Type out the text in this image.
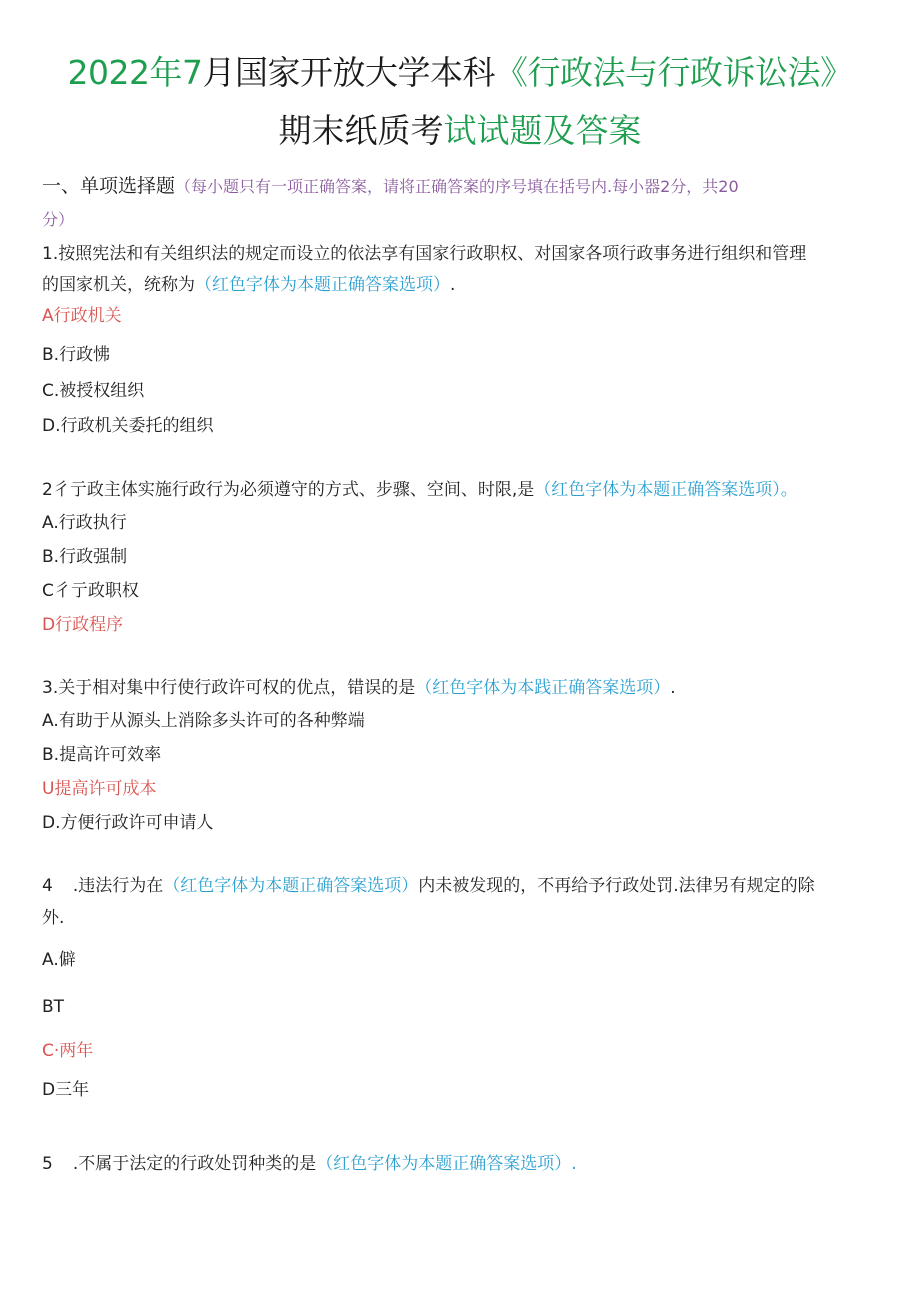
2022年7月国家开放大学本科《行政法与行政诉讼法》
期末纸质考试试题及答案
一、单项选择题（每小题只有一项正确答案，请将正确答案的序号填在括号内.每小器2分，共20
分）
1.按照宪法和有关组织法的规定而设立的依法享有国家行政职权、对国家各项行政事务进行组织和管理
的国家机关，统称为（红色字体为本题正确答案选项）.
A行政机关
B.行政怫
C.被授权组织
D.行政机关委托的组织
2彳亍政主体实施行政行为必须遵守的方式、步骤、空间、时限,是（红色字体为本题正确答案选项）。
A.行政执行
B.行政强制
C彳亍政职权
D行政程序
3.关于相对集中行使行政许可权的优点，错误的是（红色字体为本践正确答案选项）.
A.有助于从源头上消除多头许可的各种弊端
B.提高许可效率
U提高许可成本
D.方便行政许可申请人
4 .违法行为在（红色字体为本题正确答案选项）内未被发现的，不再给予行政处罚.法律另有规定的除
外.
A.僻
BT
C·两年
D三年
5 .不属于法定的行政处罚种类的是（红色字体为本题正确答案选项）.
